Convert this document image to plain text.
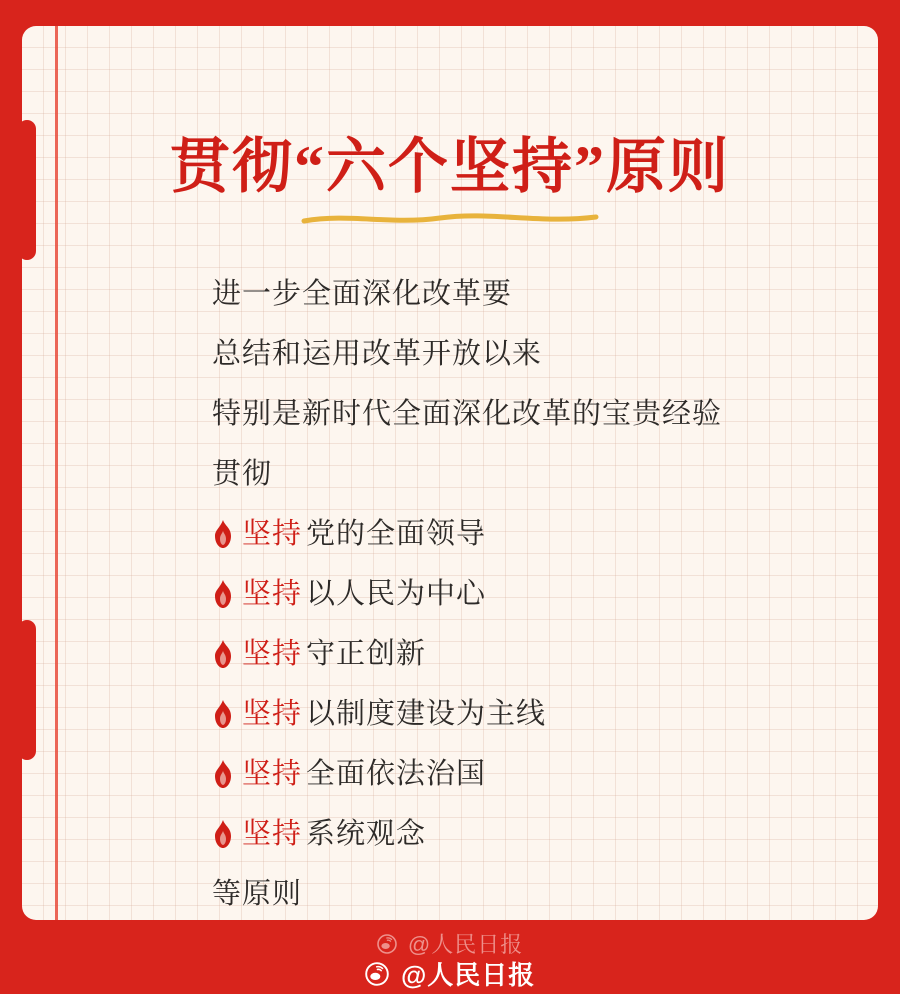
贯彻“六个坚持”原则
进一步全面深化改革要
总结和运用改革开放以来
特别是新时代全面深化改革的宝贵经验
贯彻
坚持 党的全面领导
坚持 以人民为中心
坚持 守正创新
坚持 以制度建设为主线
坚持 全面依法治国
坚持 系统观念
等原则
@人民日报
@人民日报
